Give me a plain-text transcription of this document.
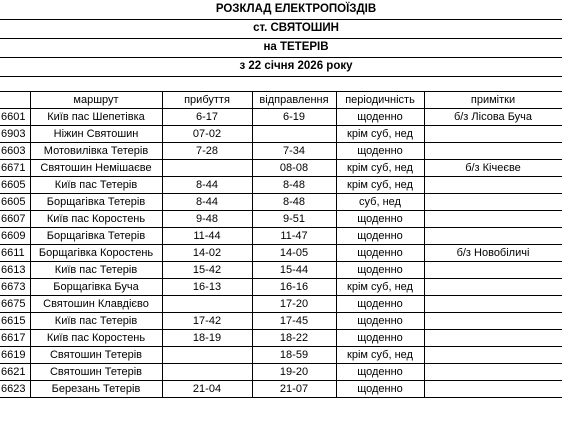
РОЗКЛАД ЕЛЕКТРОПОЇЗДІВ
ст. СВЯТОШИН
на ТЕТЕРІВ
з 22 січня 2026 року
	маршрут	прибуття	відправлення	періодичність	примітки
6601	Київ пас Шепетівка	6-17	6-19	щоденно	б/з Лісова Буча
6903	Ніжин Святошин	07-02		крім суб, нед	
6603	Мотовилівка Тетерів	7-28	7-34	щоденно	
6671	Святошин Немішаєве		08-08	крім суб, нед	б/з Кічеєве
6605	Київ пас Тетерів	8-44	8-48	крім суб, нед	
6605	Борщагівка Тетерів	8-44	8-48	суб, нед	
6607	Київ пас Коростень	9-48	9-51	щоденно	
6609	Борщагівка Тетерів	11-44	11-47	щоденно	
6611	Борщагівка Коростень	14-02	14-05	щоденно	б/з Новобіличі
6613	Київ пас Тетерів	15-42	15-44	щоденно	
6673	Борщагівка Буча	16-13	16-16	крім суб, нед	
6675	Святошин Клавдієво		17-20	щоденно	
6615	Київ пас Тетерів	17-42	17-45	щоденно	
6617	Київ пас Коростень	18-19	18-22	щоденно	
6619	Святошин Тетерів		18-59	крім суб, нед	
6621	Святошин Тетерів		19-20	щоденно	
6623	Березань Тетерів	21-04	21-07	щоденно	
